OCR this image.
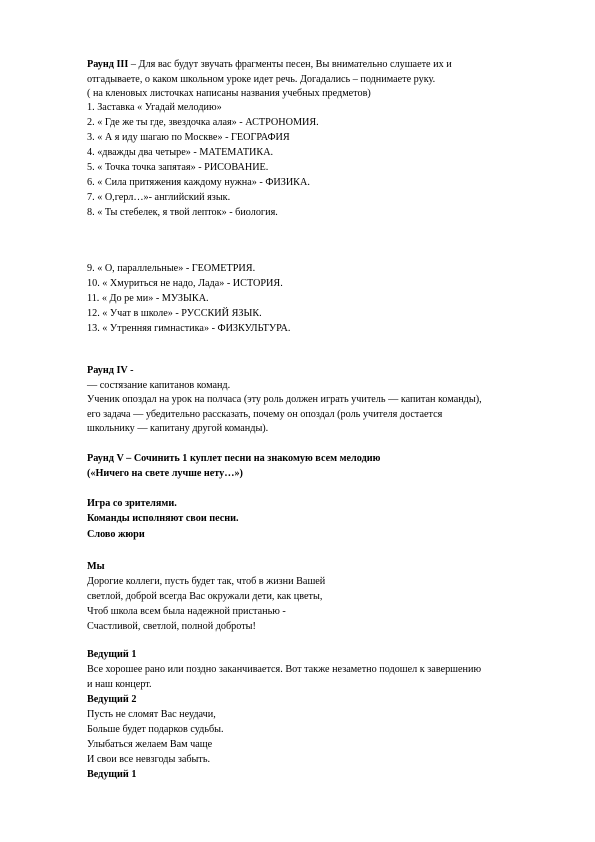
Раунд III – Для вас будут звучать фрагменты песен, Вы внимательно слушаете их и
отгадываете, о каком школьном уроке идет речь. Догадались – поднимаете руку.
( на кленовых листочках написаны названия учебных предметов)
1. Заставка « Угадай мелодию»
2. « Где же ты где, звездочка алая» - АСТРОНОМИЯ.
3. « А я иду шагаю по Москве» - ГЕОГРАФИЯ
4. «дважды два четыре» - МАТЕМАТИКА.
5. « Точка точка запятая» - РИСОВАНИЕ.
6. « Сила притяжения каждому нужна» - ФИЗИКА.
7. « О,герл…»- английский язык.
8. « Ты стебелек, я твой лепток» - биология.
9. « О, параллельные» - ГЕОМЕТРИЯ.
10. « Хмуриться не надо, Лада» - ИСТОРИЯ.
11. « До ре ми» - МУЗЫКА.
12. « Учат в школе» - РУССКИЙ ЯЗЫК.
13. « Утренняя гимнастика» - ФИЗКУЛЬТУРА.
Раунд IV -
— состязание капитанов команд.
Ученик опоздал на урок на полчаса (эту роль должен играть учитель — капитан команды),
его задача — убедительно рассказать, почему он опоздал (роль учителя достается
школьнику — капитану другой команды).
Раунд V – Сочинить 1 куплет песни на знакомую всем мелодию
(«Ничего на свете лучше нету…»)
Игра со зрителями.
Команды исполняют свои песни.
Слово жюри
Мы
Дорогие коллеги, пусть будет так, чтоб в жизни Вашей
светлой, доброй всегда Вас окружали дети, как цветы,
Чтоб школа всем была надежной пристанью -
Счастливой, светлой, полной доброты!
Ведущий 1
Все хорошее рано или поздно заканчивается. Вот также незаметно подошел к завершению
и наш концерт.
Ведущий 2
Пусть не сломят Вас неудачи,
Больше будет подарков судьбы.
Улыбаться желаем Вам чаще
И свои все невзгоды забыть.
Ведущий 1
